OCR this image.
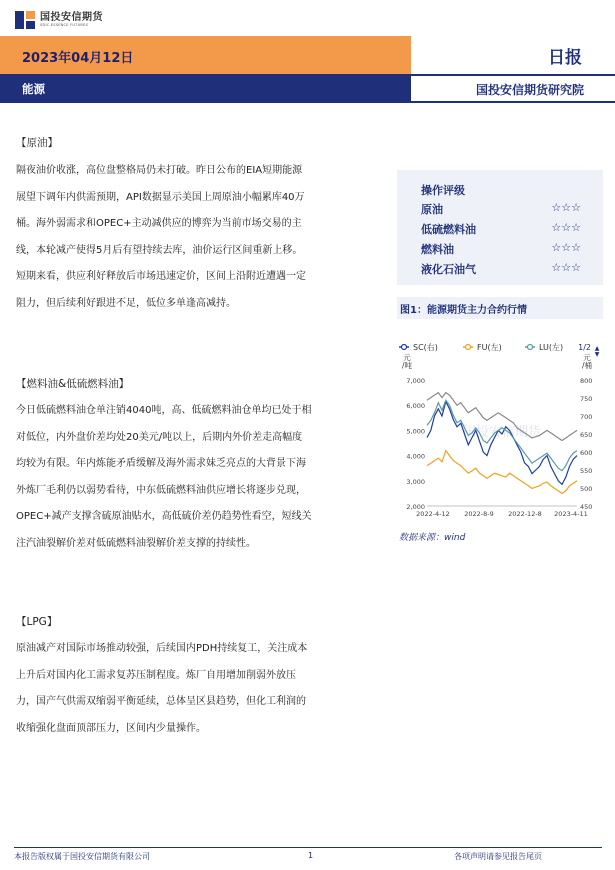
国投安信期货
SDIC ESSENCE FUTURES
2023年04月12日	日报
能源	国投安信期货研究院
【原油】
隔夜油价收涨，高位盘整格局仍未打破。昨日公布的EIA短期能源
展望下调年内供需预期，API数据显示美国上周原油小幅累库40万
桶。海外弱需求和OPEC+主动减供应的博弈为当前市场交易的主
线，本轮减产使得5月后有望持续去库，油价运行区间重新上移。
短期来看，供应利好释放后市场迅速定价，区间上沿附近遭遇一定
阻力，但后续利好跟进不足，低位多单逢高减持。
【燃料油&低硫燃料油】
今日低硫燃料油仓单注销4040吨，高、低硫燃料油仓单均已处于相
对低位，内外盘价差均处20美元/吨以上，后期内外价差走高幅度
均较为有限。年内炼能矛盾缓解及海外需求妹乏亮点的大背景下海
外炼厂毛利仍以弱势看待，中东低硫燃料油供应增长将逐步兑现，
OPEC+减产支撑含硫原油贴水，高低硫价差仍趋势性看空，短线关
注汽油裂解价差对低硫燃料油裂解价差支撑的持续性。
【LPG】
原油减产对国际市场推动较强，后续国内PDH持续复工，关注成本
上升后对国内化工需求复苏压制程度。炼厂自用增加削弱外放压
力，国产气供需双缩弱平衡延续，总体呈区县趋势，但化工利润的
收缩强化盘面顶部压力，区间内少量操作。
操作评级
原油	☆☆☆
低硫燃料油	☆☆☆
燃料油	☆☆☆
液化石油气	☆☆☆
图1：能源期货主力合约行情
SC(右)	FU(左)	LU(左) 1/2 ▲
▼
元
/吨
元
/桶
国投安信期货
7,000
6,000
5,000
4,000
3,000
2,000
800
750
700
650
600
550
500
450
2022-4-12 2022-8-9 2022-12-8 2023-4-11
数据来源：wind
本报告版权属于国投安信期货有限公司	1	各项声明请参见报告尾页
